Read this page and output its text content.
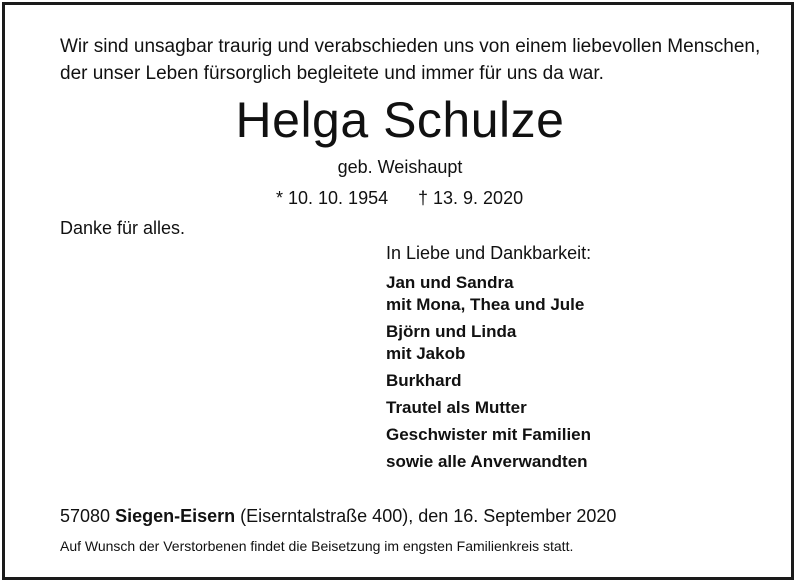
Wir sind unsagbar traurig und verabschieden uns von einem liebevollen Menschen,
der unser Leben fürsorglich begleitete und immer für uns da war.
Helga Schulze
geb. Weishaupt
* 10. 10. 1954 † 13. 9. 2020
Danke für alles.
In Liebe und Dankbarkeit:
Jan und Sandra
mit Mona, Thea und Jule
Björn und Linda
mit Jakob
Burkhard
Trautel als Mutter
Geschwister mit Familien
sowie alle Anverwandten
57080 Siegen-Eisern (Eiserntalstraße 400), den 16. September 2020
Auf Wunsch der Verstorbenen findet die Beisetzung im engsten Familienkreis statt.
